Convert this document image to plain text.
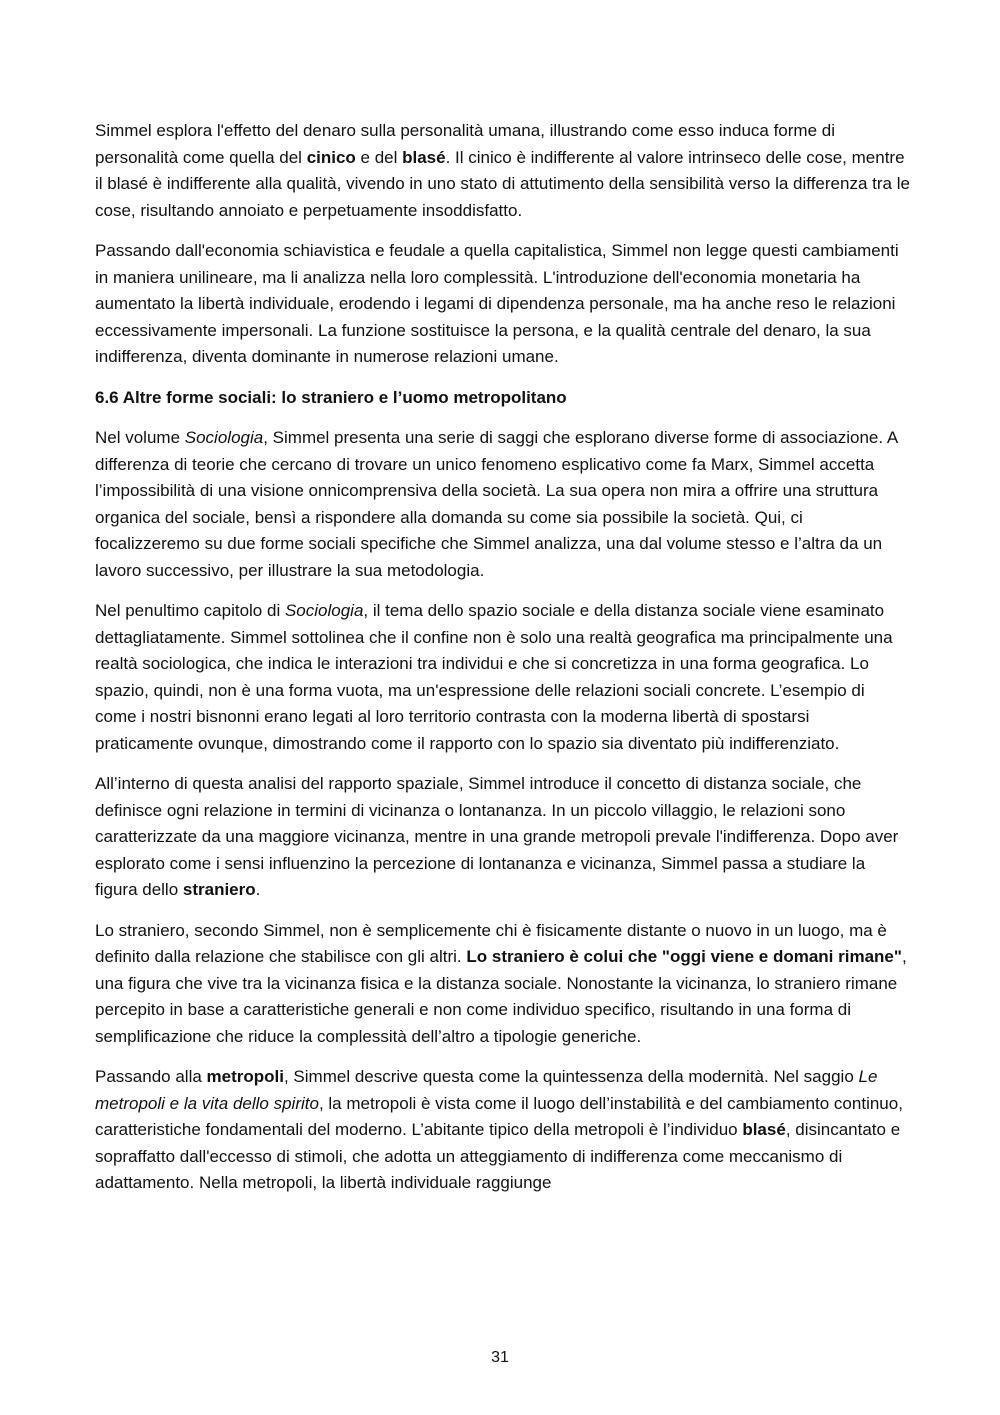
Simmel esplora l'effetto del denaro sulla personalità umana, illustrando come esso induca forme di personalità come quella del cinico e del blasé. Il cinico è indifferente al valore intrinseco delle cose, mentre il blasé è indifferente alla qualità, vivendo in uno stato di attutimento della sensibilità verso la differenza tra le cose, risultando annoiato e perpetuamente insoddisfatto.

Passando dall'economia schiavistica e feudale a quella capitalistica, Simmel non legge questi cambiamenti in maniera unilineare, ma li analizza nella loro complessità. L'introduzione dell'economia monetaria ha aumentato la libertà individuale, erodendo i legami di dipendenza personale, ma ha anche reso le relazioni eccessivamente impersonali. La funzione sostituisce la persona, e la qualità centrale del denaro, la sua indifferenza, diventa dominante in numerose relazioni umane.

6.6 Altre forme sociali: lo straniero e l’uomo metropolitano

Nel volume Sociologia, Simmel presenta una serie di saggi che esplorano diverse forme di associazione. A differenza di teorie che cercano di trovare un unico fenomeno esplicativo come fa Marx, Simmel accetta l’impossibilità di una visione onnicomprensiva della società. La sua opera non mira a offrire una struttura organica del sociale, bensì a rispondere alla domanda su come sia possibile la società. Qui, ci focalizzeremo su due forme sociali specifiche che Simmel analizza, una dal volume stesso e l’altra da un lavoro successivo, per illustrare la sua metodologia.

Nel penultimo capitolo di Sociologia, il tema dello spazio sociale e della distanza sociale viene esaminato dettagliatamente. Simmel sottolinea che il confine non è solo una realtà geografica ma principalmente una realtà sociologica, che indica le interazioni tra individui e che si concretizza in una forma geografica. Lo spazio, quindi, non è una forma vuota, ma un'espressione delle relazioni sociali concrete. L’esempio di come i nostri bisnonni erano legati al loro territorio contrasta con la moderna libertà di spostarsi praticamente ovunque, dimostrando come il rapporto con lo spazio sia diventato più indifferenziato.

All’interno di questa analisi del rapporto spaziale, Simmel introduce il concetto di distanza sociale, che definisce ogni relazione in termini di vicinanza o lontananza. In un piccolo villaggio, le relazioni sono caratterizzate da una maggiore vicinanza, mentre in una grande metropoli prevale l'indifferenza. Dopo aver esplorato come i sensi influenzino la percezione di lontananza e vicinanza, Simmel passa a studiare la figura dello straniero.

Lo straniero, secondo Simmel, non è semplicemente chi è fisicamente distante o nuovo in un luogo, ma è definito dalla relazione che stabilisce con gli altri. Lo straniero è colui che "oggi viene e domani rimane", una figura che vive tra la vicinanza fisica e la distanza sociale. Nonostante la vicinanza, lo straniero rimane percepito in base a caratteristiche generali e non come individuo specifico, risultando in una forma di semplificazione che riduce la complessità dell’altro a tipologie generiche.

Passando alla metropoli, Simmel descrive questa come la quintessenza della modernità. Nel saggio Le metropoli e la vita dello spirito, la metropoli è vista come il luogo dell’instabilità e del cambiamento continuo, caratteristiche fondamentali del moderno. L’abitante tipico della metropoli è l’individuo blasé, disincantato e sopraffatto dall'eccesso di stimoli, che adotta un atteggiamento di indifferenza come meccanismo di adattamento. Nella metropoli, la libertà individuale raggiunge

31
